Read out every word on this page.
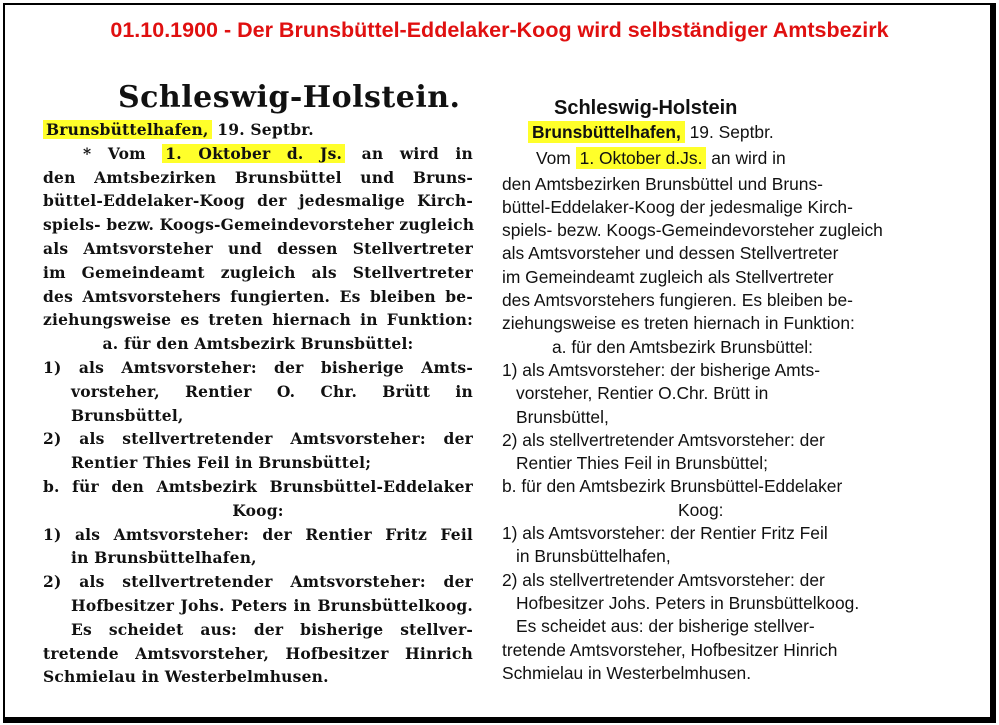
01.10.1900 - Der Brunsbüttel-Eddelaker-Koog wird selbständiger Amtsbezirk
Schleswig-Holstein.
Brunsbüttelhafen, 19. Septbr.
* Vom 1. Oktober d. Js. an wird in
den Amtsbezirken Brunsbüttel und Bruns-
büttel-Eddelaker-Koog der jedesmalige Kirch-
spiels- bezw. Koogs-Gemeindevorsteher zugleich
als Amtsvorsteher und dessen Stellvertreter
im Gemeindeamt zugleich als Stellvertreter
des Amtsvorstehers fungierten. Es bleiben be-
ziehungsweise es treten hiernach in Funktion:
a. für den Amtsbezirk Brunsbüttel:
1) als Amtsvorsteher: der bisherige Amts-
vorsteher, Rentier O. Chr. Brütt in
Brunsbüttel,
2) als stellvertretender Amtsvorsteher: der
Rentier Thies Feil in Brunsbüttel;
b. für den Amtsbezirk Brunsbüttel-Eddelaker
Koog:
1) als Amtsvorsteher: der Rentier Fritz Feil
in Brunsbüttelhafen,
2) als stellvertretender Amtsvorsteher: der
Hofbesitzer Johs. Peters in Brunsbüttelkoog.
Es scheidet aus: der bisherige stellver-
tretende Amtsvorsteher, Hofbesitzer Hinrich
Schmielau in Westerbelmhusen.
Schleswig-Holstein
Brunsbüttelhafen, 19. Septbr.
Vom 1. Oktober d.Js. an wird in
den Amtsbezirken Brunsbüttel und Bruns-
büttel-Eddelaker-Koog der jedesmalige Kirch-
spiels- bezw. Koogs-Gemeindevorsteher zugleich
als Amtsvorsteher und dessen Stellvertreter
im Gemeindeamt zugleich als Stellvertreter
des Amtsvorstehers fungieren. Es bleiben be-
ziehungsweise es treten hiernach in Funktion:
a. für den Amtsbezirk Brunsbüttel:
1) als Amtsvorsteher: der bisherige Amts-
vorsteher, Rentier O.Chr. Brütt in
Brunsbüttel,
2) als stellvertretender Amtsvorsteher: der
Rentier Thies Feil in Brunsbüttel;
b. für den Amtsbezirk Brunsbüttel-Eddelaker
Koog:
1) als Amtsvorsteher: der Rentier Fritz Feil
in Brunsbüttelhafen,
2) als stellvertretender Amtsvorsteher: der
Hofbesitzer Johs. Peters in Brunsbüttelkoog.
Es scheidet aus: der bisherige stellver-
tretende Amtsvorsteher, Hofbesitzer Hinrich
Schmielau in Westerbelmhusen.
